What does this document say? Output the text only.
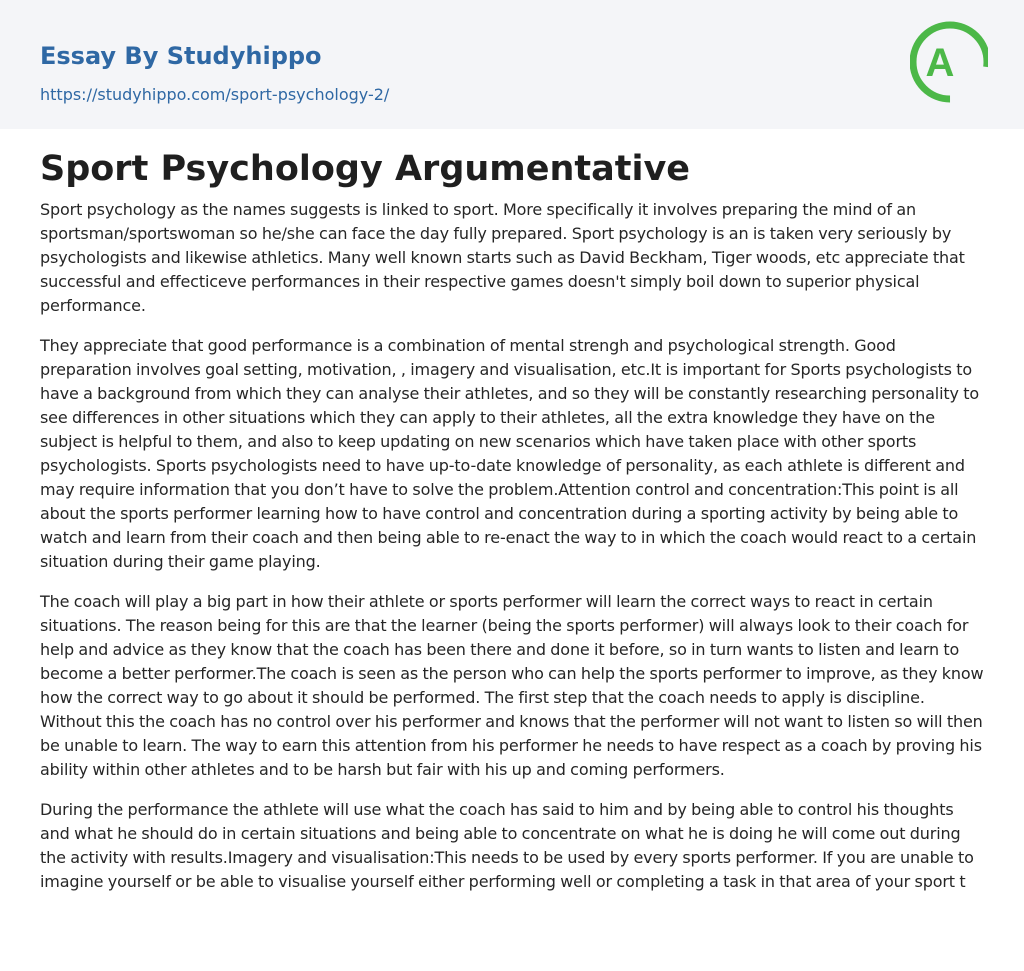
Essay By Studyhippo
https://studyhippo.com/sport-psychology-2/
A
Sport Psychology Argumentative

Sport psychology as the names suggests is linked to sport. More specifically it involves preparing the mind of an sportsman/sportswoman so he/she can face the day fully prepared. Sport psychology is an is taken very seriously by psychologists and likewise athletics. Many well known starts such as David Beckham, Tiger woods, etc appreciate that successful and effecticeve performances in their respective games doesn't simply boil down to superior physical performance.

They appreciate that good performance is a combination of mental strengh and psychological strength. Good preparation involves goal setting, motivation, , imagery and visualisation, etc.It is important for Sports psychologists to have a background from which they can analyse their athletes, and so they will be constantly researching personality to see differences in other situations which they can apply to their athletes, all the extra knowledge they have on the subject is helpful to them, and also to keep updating on new scenarios which have taken place with other sports psychologists. Sports psychologists need to have up-to-date knowledge of personality, as each athlete is different and may require information that you don’t have to solve the problem.Attention control and concentration:This point is all about the sports performer learning how to have control and concentration during a sporting activity by being able to watch and learn from their coach and then being able to re-enact the way to in which the coach would react to a certain situation during their game playing.

The coach will play a big part in how their athlete or sports performer will learn the correct ways to react in certain situations. The reason being for this are that the learner (being the sports performer) will always look to their coach for help and advice as they know that the coach has been there and done it before, so in turn wants to listen and learn to become a better performer.The coach is seen as the person who can help the sports performer to improve, as they know how the correct way to go about it should be performed. The first step that the coach needs to apply is discipline. Without this the coach has no control over his performer and knows that the performer will not want to listen so will then be unable to learn. The way to earn this attention from his performer he needs to have respect as a coach by proving his ability within other athletes and to be harsh but fair with his up and coming performers.

During the performance the athlete will use what the coach has said to him and by being able to control his thoughts and what he should do in certain situations and being able to concentrate on what he is doing he will come out during the activity with results.Imagery and visualisation:This needs to be used by every sports performer. If you are unable to imagine yourself or be able to visualise yourself either performing well or completing a task in that area of your sport t
